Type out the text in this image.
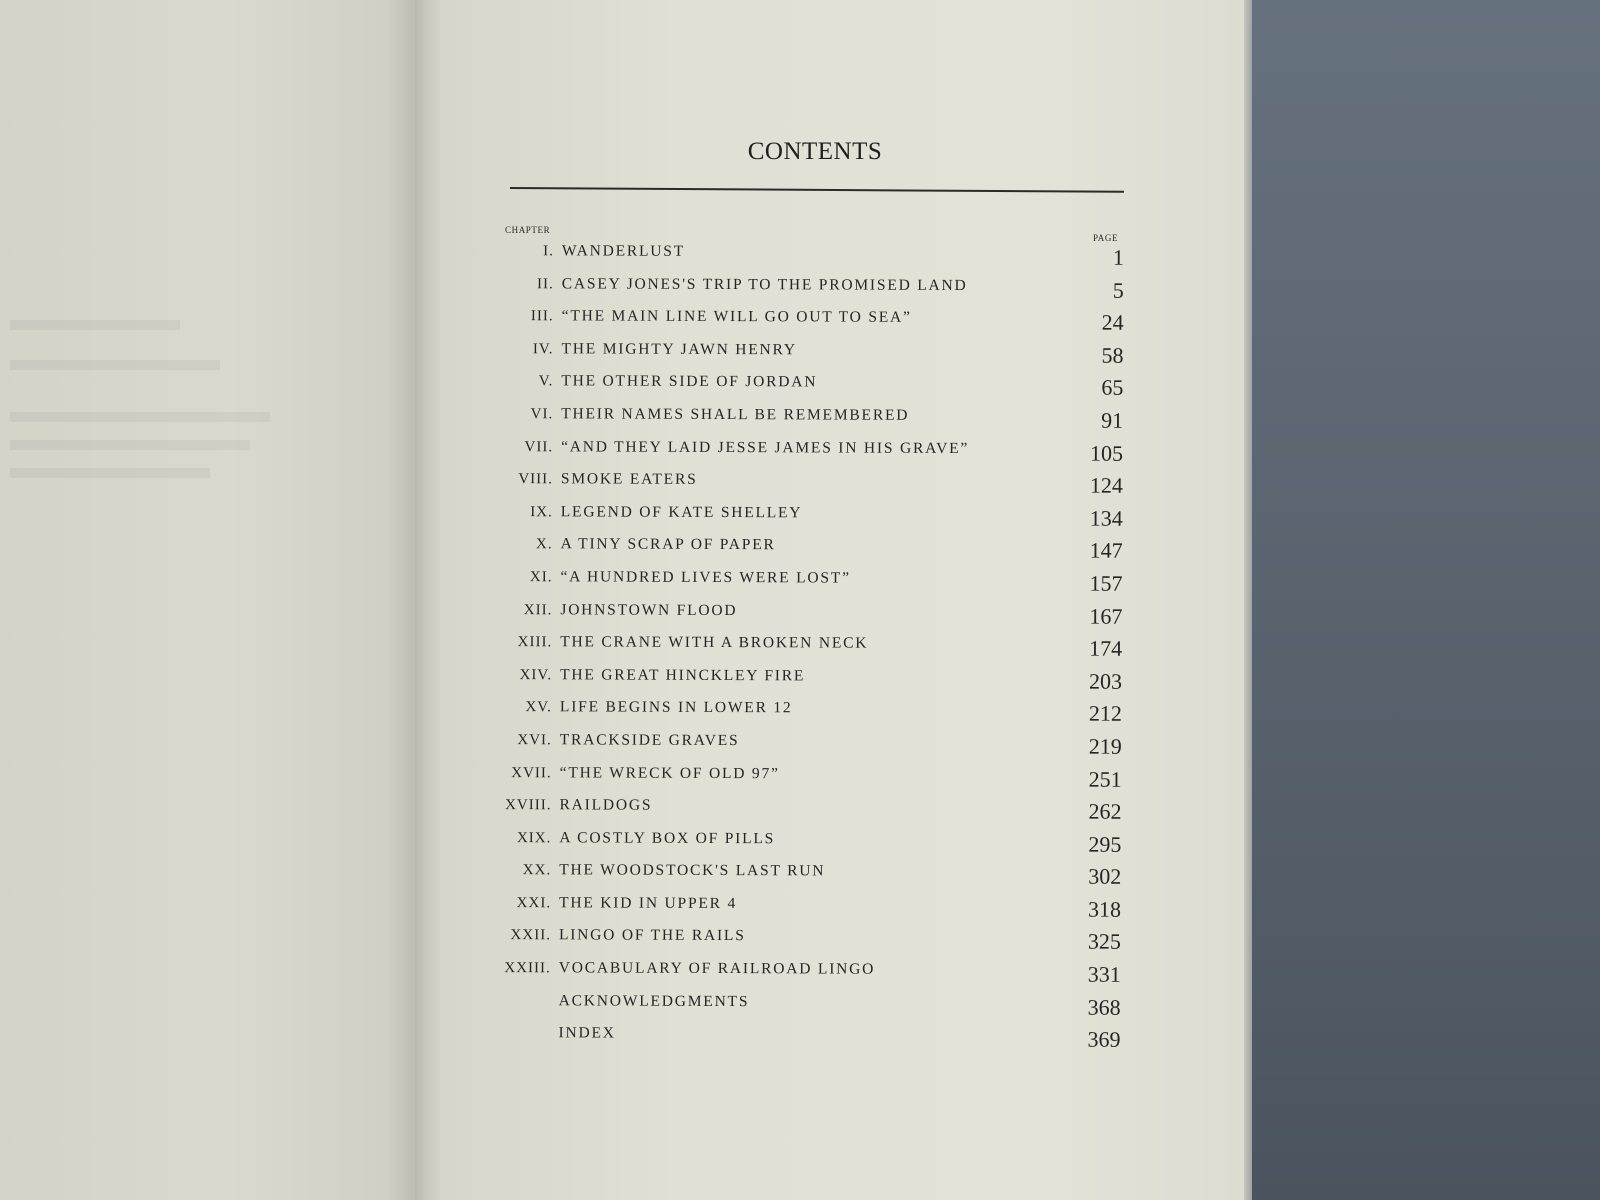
CONTENTS
CHAPTER
PAGE
I. WANDERLUST	1
II. CASEY JONES'S TRIP TO THE PROMISED LAND	5
III. “THE MAIN LINE WILL GO OUT TO SEA”	24
IV. THE MIGHTY JAWN HENRY	58
V. THE OTHER SIDE OF JORDAN	65
VI. THEIR NAMES SHALL BE REMEMBERED	91
VII. “AND THEY LAID JESSE JAMES IN HIS GRAVE”	105
VIII. SMOKE EATERS	124
IX. LEGEND OF KATE SHELLEY	134
X. A TINY SCRAP OF PAPER	147
XI. “A HUNDRED LIVES WERE LOST”	157
XII. JOHNSTOWN FLOOD	167
XIII. THE CRANE WITH A BROKEN NECK	174
XIV. THE GREAT HINCKLEY FIRE	203
XV. LIFE BEGINS IN LOWER 12	212
XVI. TRACKSIDE GRAVES	219
XVII. “THE WRECK OF OLD 97”	251
XVIII. RAILDOGS	262
XIX. A COSTLY BOX OF PILLS	295
XX. THE WOODSTOCK'S LAST RUN	302
XXI. THE KID IN UPPER 4	318
XXII. LINGO OF THE RAILS	325
XXIII. VOCABULARY OF RAILROAD LINGO	331
ACKNOWLEDGMENTS	368
INDEX	369
